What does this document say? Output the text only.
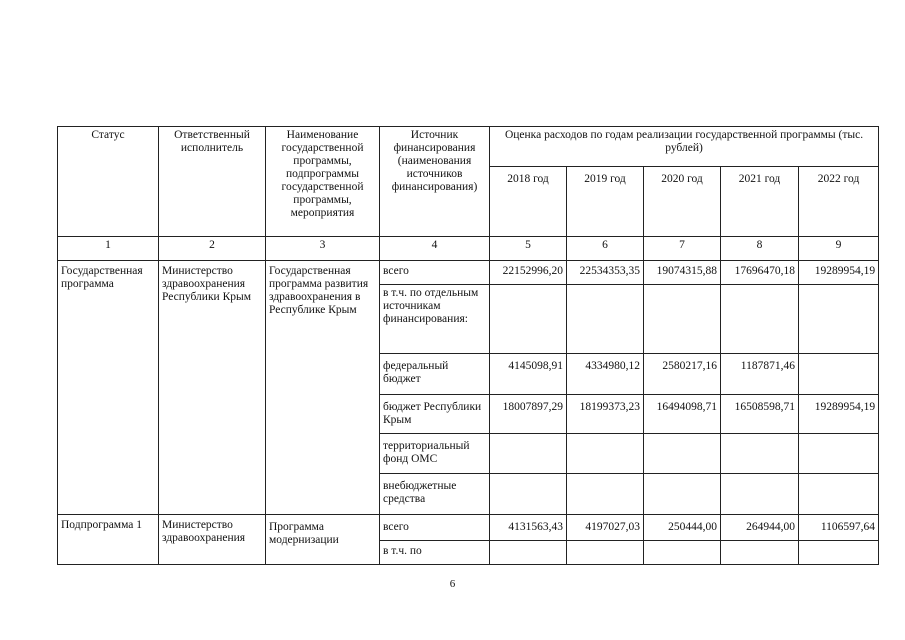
Статус	Ответственный исполнитель	Наименование государственной программы, подпрограммы государственной программы, мероприятия	Источник финансирования (наименования источников финансирования)	Оценка расходов по годам реализации государственной программы (тыс. рублей)				
				2018 год	2019 год	2020 год	2021 год	2022 год
1	2	3	4	5	6	7	8	9
Государственная программа	Министерство здравоохранения Республики Крым	Государственная программа развития здравоохранения в Республике Крым	всего	22152996,20	22534353,35	19074315,88	17696470,18	19289954,19
			в т.ч. по отдельным источникам финансирования:					
			федеральный бюджет	4145098,91	4334980,12	2580217,16	1187871,46	
			бюджет Республики Крым	18007897,29	18199373,23	16494098,71	16508598,71	19289954,19
			территориальный фонд ОМС					
			внебюджетные средства					
Подпрограмма 1	Министерство здравоохранения	Программа модернизации	всего	4131563,43	4197027,03	250444,00	264944,00	1106597,64
			в т.ч. по					
6
